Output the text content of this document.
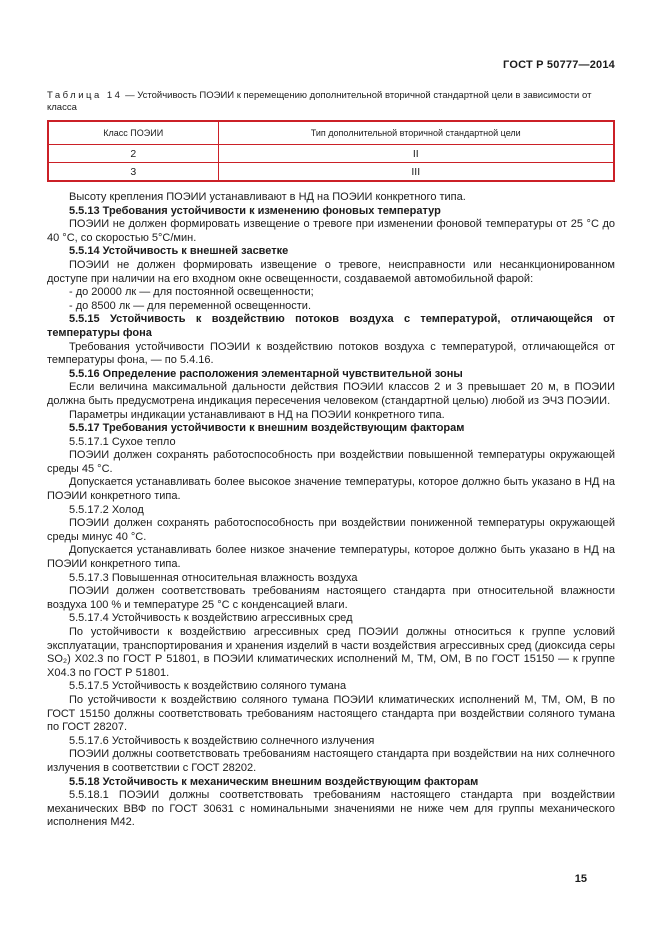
ГОСТ Р 50777—2014
Таблица 14 — Устойчивость ПОЭИИ к перемещению дополнительной вторичной стандартной цели в зависимости от класса
Класс ПОЭИИ	Тип дополнительной вторичной стандартной цели
2	II
3	III

Высоту крепления ПОЭИИ устанавливают в НД на ПОЭИИ конкретного типа.

5.5.13 Требования устойчивости к изменению фоновых температур

ПОЭИИ не должен формировать извещение о тревоге при изменении фоновой температуры от 25 °С до 40 °С, со скоростью 5°С/мин.

5.5.14 Устойчивость к внешней засветке

ПОЭИИ не должен формировать извещение о тревоге, неисправности или несанкционированном доступе при наличии на его входном окне освещенности, создаваемой автомобильной фарой:

- до 20000 лк — для постоянной освещенности;

- до 8500 лк — для переменной освещенности.

5.5.15 Устойчивость к воздействию потоков воздуха с температурой, отличающейся от температуры фона

Требования устойчивости ПОЭИИ к воздействию потоков воздуха с температурой, отличающейся от температуры фона, — по 5.4.16.

5.5.16 Определение расположения элементарной чувствительной зоны

Если величина максимальной дальности действия ПОЭИИ классов 2 и 3 превышает 20 м, в ПОЭИИ должна быть предусмотрена индикация пересечения человеком (стандартной целью) любой из ЭЧЗ ПОЭИИ.

Параметры индикации устанавливают в НД на ПОЭИИ конкретного типа.

5.5.17 Требования устойчивости к внешним воздействующим факторам

5.5.17.1 Сухое тепло

ПОЭИИ должен сохранять работоспособность при воздействии повышенной температуры окружающей среды 45 °С.

Допускается устанавливать более высокое значение температуры, которое должно быть указано в НД на ПОЭИИ конкретного типа.

5.5.17.2 Холод

ПОЭИИ должен сохранять работоспособность при воздействии пониженной температуры окружающей среды минус 40 °С.

Допускается устанавливать более низкое значение температуры, которое должно быть указано в НД на ПОЭИИ конкретного типа.

5.5.17.3 Повышенная относительная влажность воздуха

ПОЭИИ должен соответствовать требованиям настоящего стандарта при относительной влажности воздуха 100 % и температуре 25 °С с конденсацией влаги.

5.5.17.4 Устойчивость к воздействию агрессивных сред

По устойчивости к воздействию агрессивных сред ПОЭИИ должны относиться к группе условий эксплуатации, транспортирования и хранения изделий в части воздействия агрессивных сред (диоксида серы SO₂) Х02.3 по ГОСТ Р 51801, в ПОЭИИ климатических исполнений М, ТМ, ОМ, В по ГОСТ 15150 — к группе Х04.3 по ГОСТ Р 51801.

5.5.17.5 Устойчивость к воздействию соляного тумана

По устойчивости к воздействию соляного тумана ПОЭИИ климатических исполнений М, ТМ, ОМ, В по ГОСТ 15150 должны соответствовать требованиям настоящего стандарта при воздействии соляного тумана по ГОСТ 28207.

5.5.17.6 Устойчивость к воздействию солнечного излучения

ПОЭИИ должны соответствовать требованиям настоящего стандарта при воздействии на них солнечного излучения в соответствии с ГОСТ 28202.

5.5.18 Устойчивость к механическим внешним воздействующим факторам

5.5.18.1 ПОЭИИ должны соответствовать требованиям настоящего стандарта при воздействии механических ВВФ по ГОСТ 30631 с номинальными значениями не ниже чем для группы механического исполнения М42.

15
